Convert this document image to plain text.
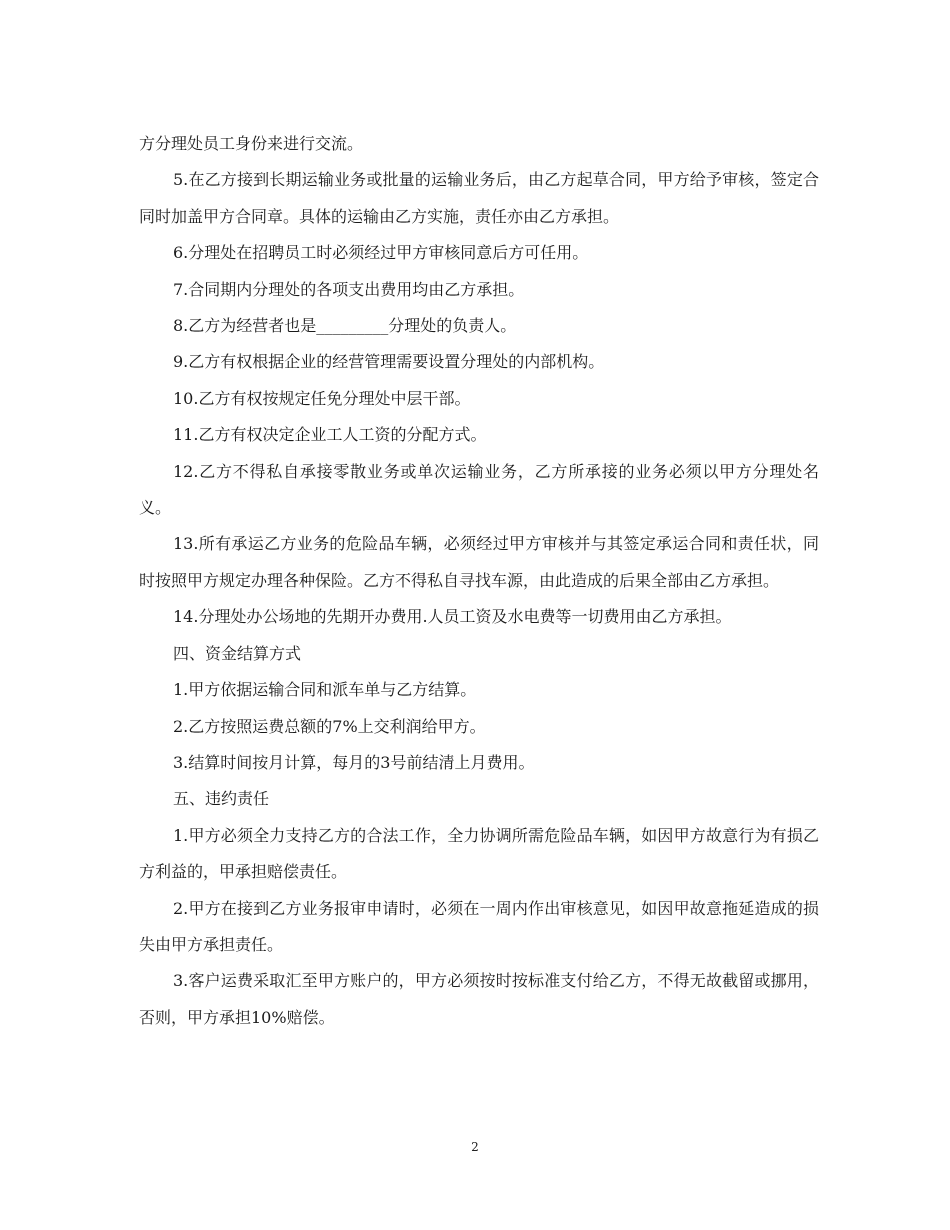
方分理处员工身份来进行交流。

5.在乙方接到长期运输业务或批量的运输业务后，由乙方起草合同，甲方给予审核，签定合同时加盖甲方合同章。具体的运输由乙方实施，责任亦由乙方承担。

6.分理处在招聘员工时必须经过甲方审核同意后方可任用。

7.合同期内分理处的各项支出费用均由乙方承担。

8.乙方为经营者也是_________分理处的负责人。

9.乙方有权根据企业的经营管理需要设置分理处的内部机构。

10.乙方有权按规定任免分理处中层干部。

11.乙方有权决定企业工人工资的分配方式。

12.乙方不得私自承接零散业务或单次运输业务，乙方所承接的业务必须以甲方分理处名义。

13.所有承运乙方业务的危险品车辆，必须经过甲方审核并与其签定承运合同和责任状，同时按照甲方规定办理各种保险。乙方不得私自寻找车源，由此造成的后果全部由乙方承担。

14.分理处办公场地的先期开办费用.人员工资及水电费等一切费用由乙方承担。

四、资金结算方式

1.甲方依据运输合同和派车单与乙方结算。

2.乙方按照运费总额的7%上交利润给甲方。

3.结算时间按月计算，每月的3号前结清上月费用。

五、违约责任

1.甲方必须全力支持乙方的合法工作，全力协调所需危险品车辆，如因甲方故意行为有损乙方利益的，甲承担赔偿责任。

2.甲方在接到乙方业务报审申请时，必须在一周内作出审核意见，如因甲故意拖延造成的损失由甲方承担责任。

3.客户运费采取汇至甲方账户的，甲方必须按时按标准支付给乙方，不得无故截留或挪用，否则，甲方承担10%赔偿。

2
